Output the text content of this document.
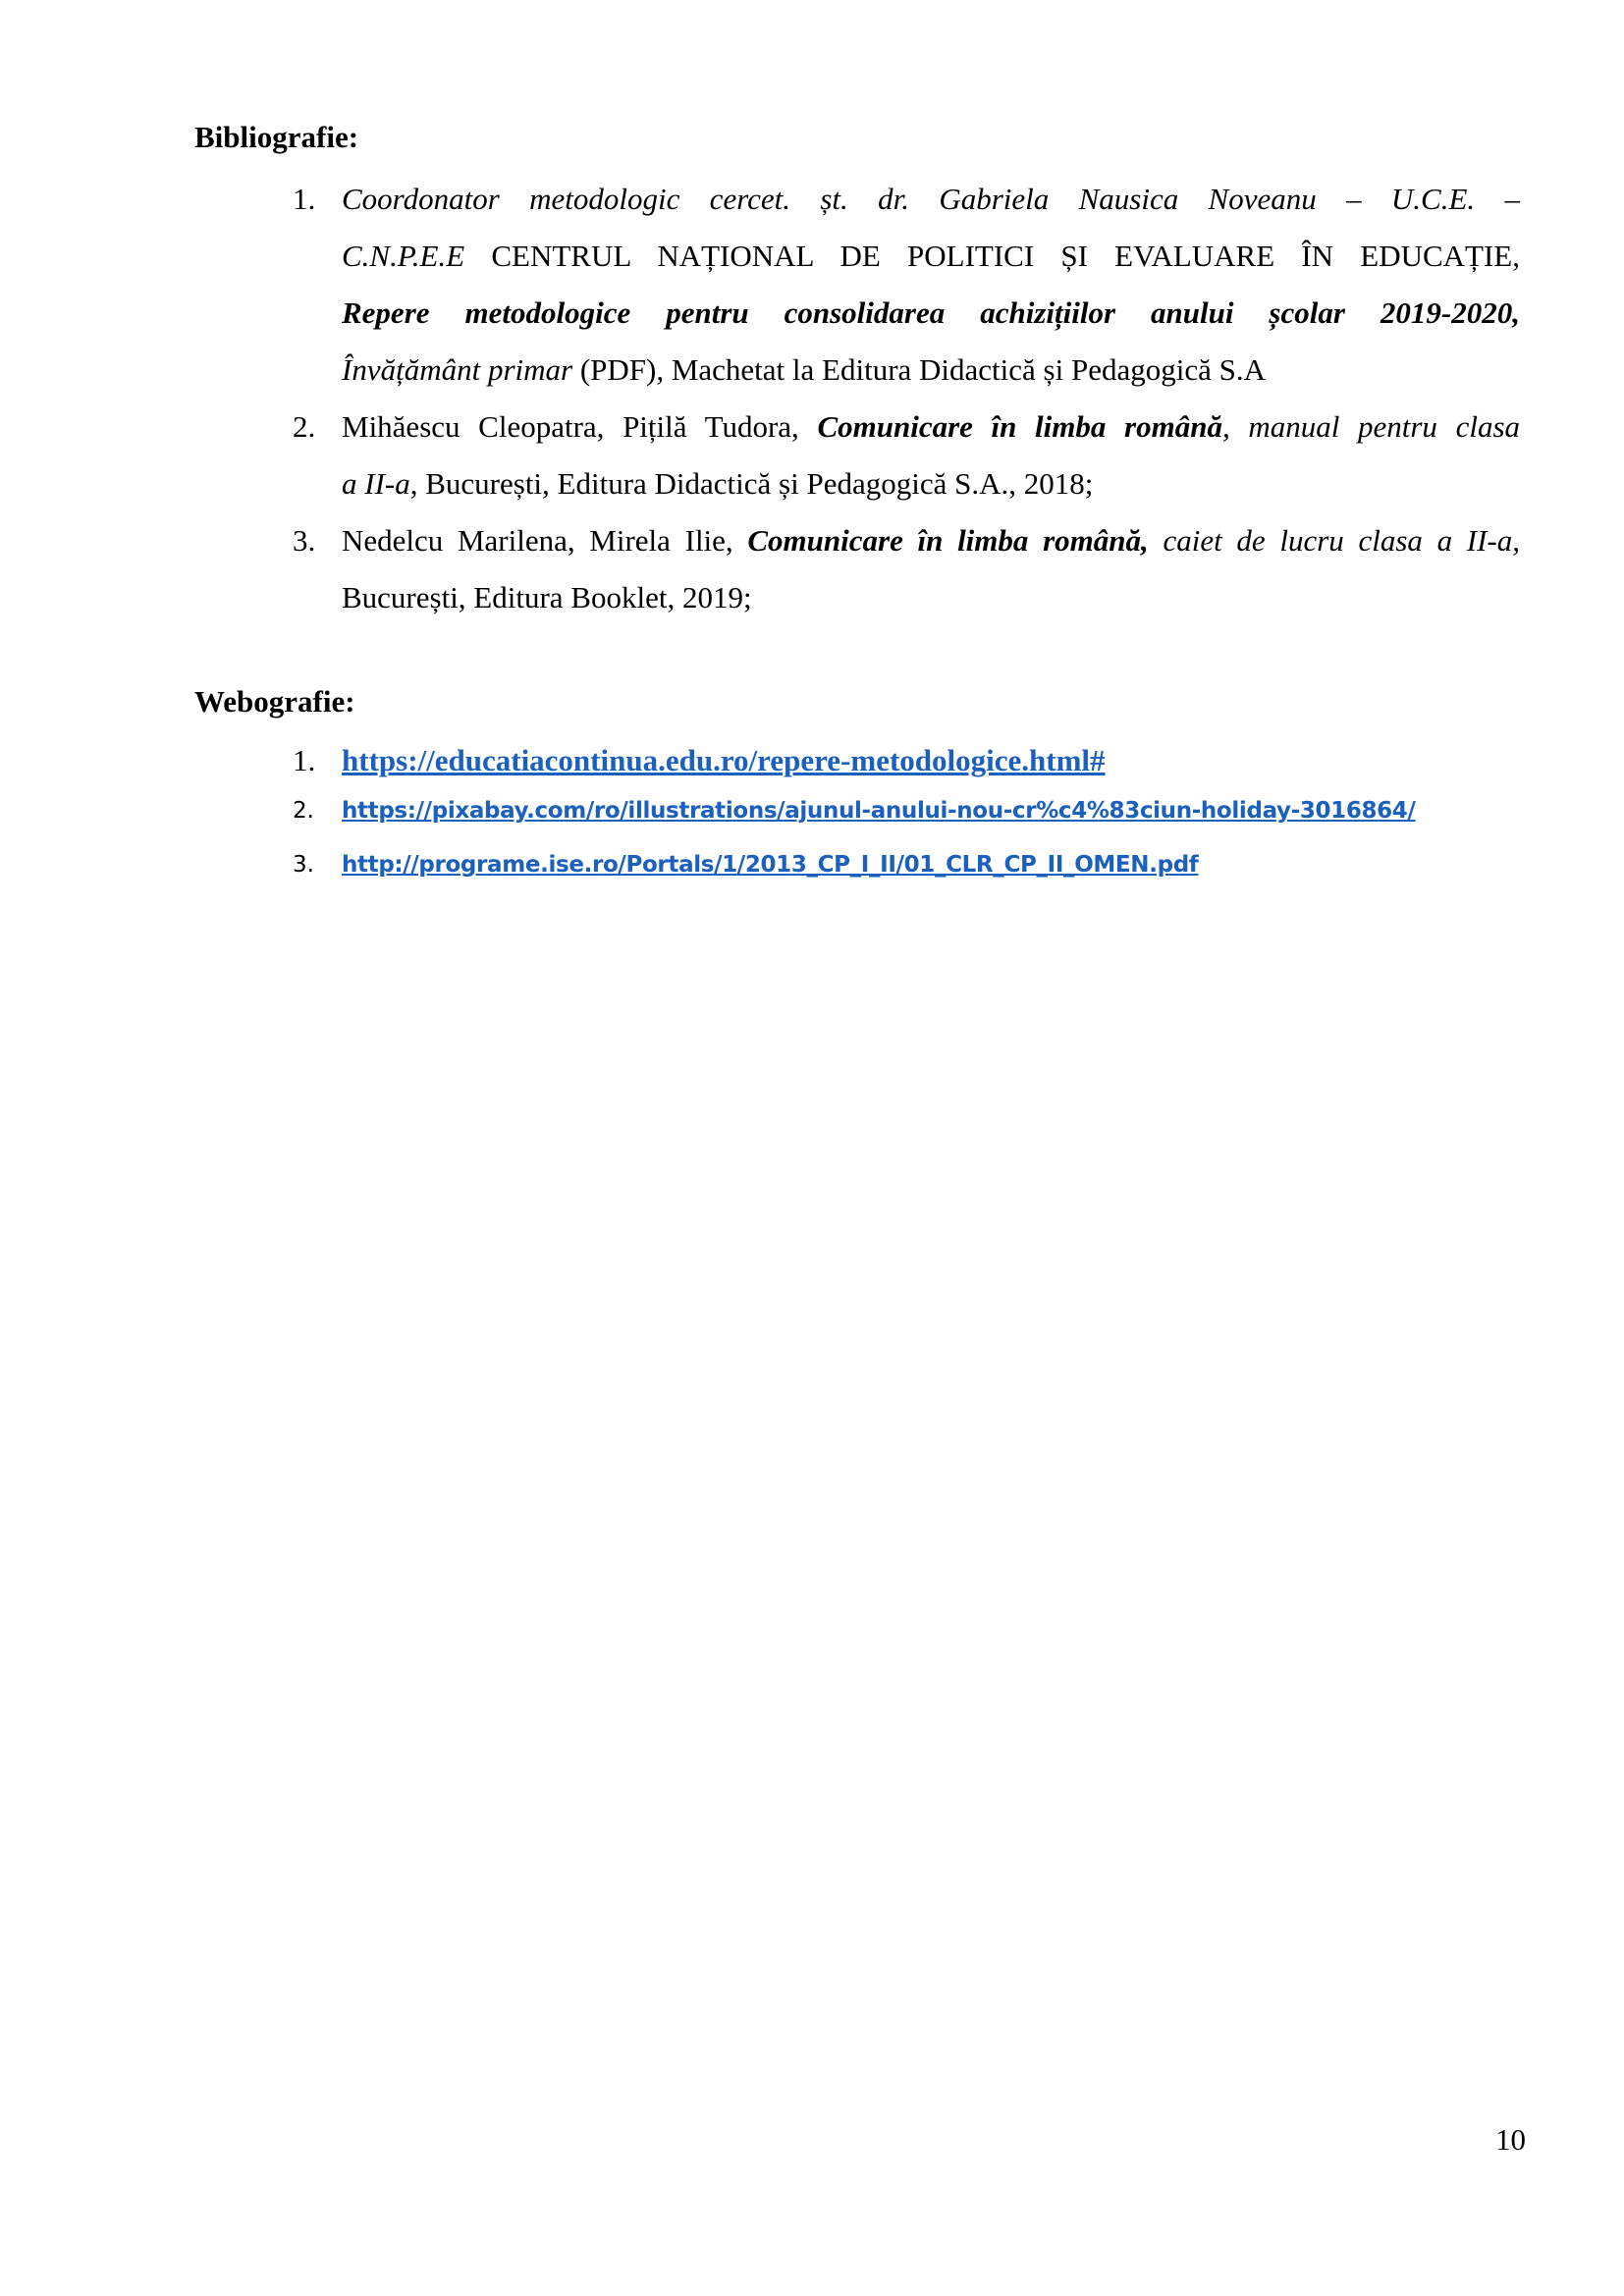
Bibliografie:
1. Coordonator metodologic cercet. șt. dr. Gabriela Nausica Noveanu – U.C.E. –
C.N.P.E.E CENTRUL NAȚIONAL DE POLITICI ȘI EVALUARE ÎN EDUCAȚIE,
Repere metodologice pentru consolidarea achizițiilor anului școlar 2019-2020,
Învățământ primar (PDF), Machetat la Editura Didactică și Pedagogică S.A
2. Mihăescu Cleopatra, Pițilă Tudora, Comunicare în limba română, manual pentru clasa
a II-a, București, Editura Didactică și Pedagogică S.A., 2018;
3. Nedelcu Marilena, Mirela Ilie, Comunicare în limba română, caiet de lucru clasa a II-a,
București, Editura Booklet, 2019;
Webografie:
1. https://educatiacontinua.edu.ro/repere-metodologice.html#
2. https://pixabay.com/ro/illustrations/ajunul-anului-nou-cr%c4%83ciun-holiday-3016864/
3. http://programe.ise.ro/Portals/1/2013_CP_I_II/01_CLR_CP_II_OMEN.pdf
10
